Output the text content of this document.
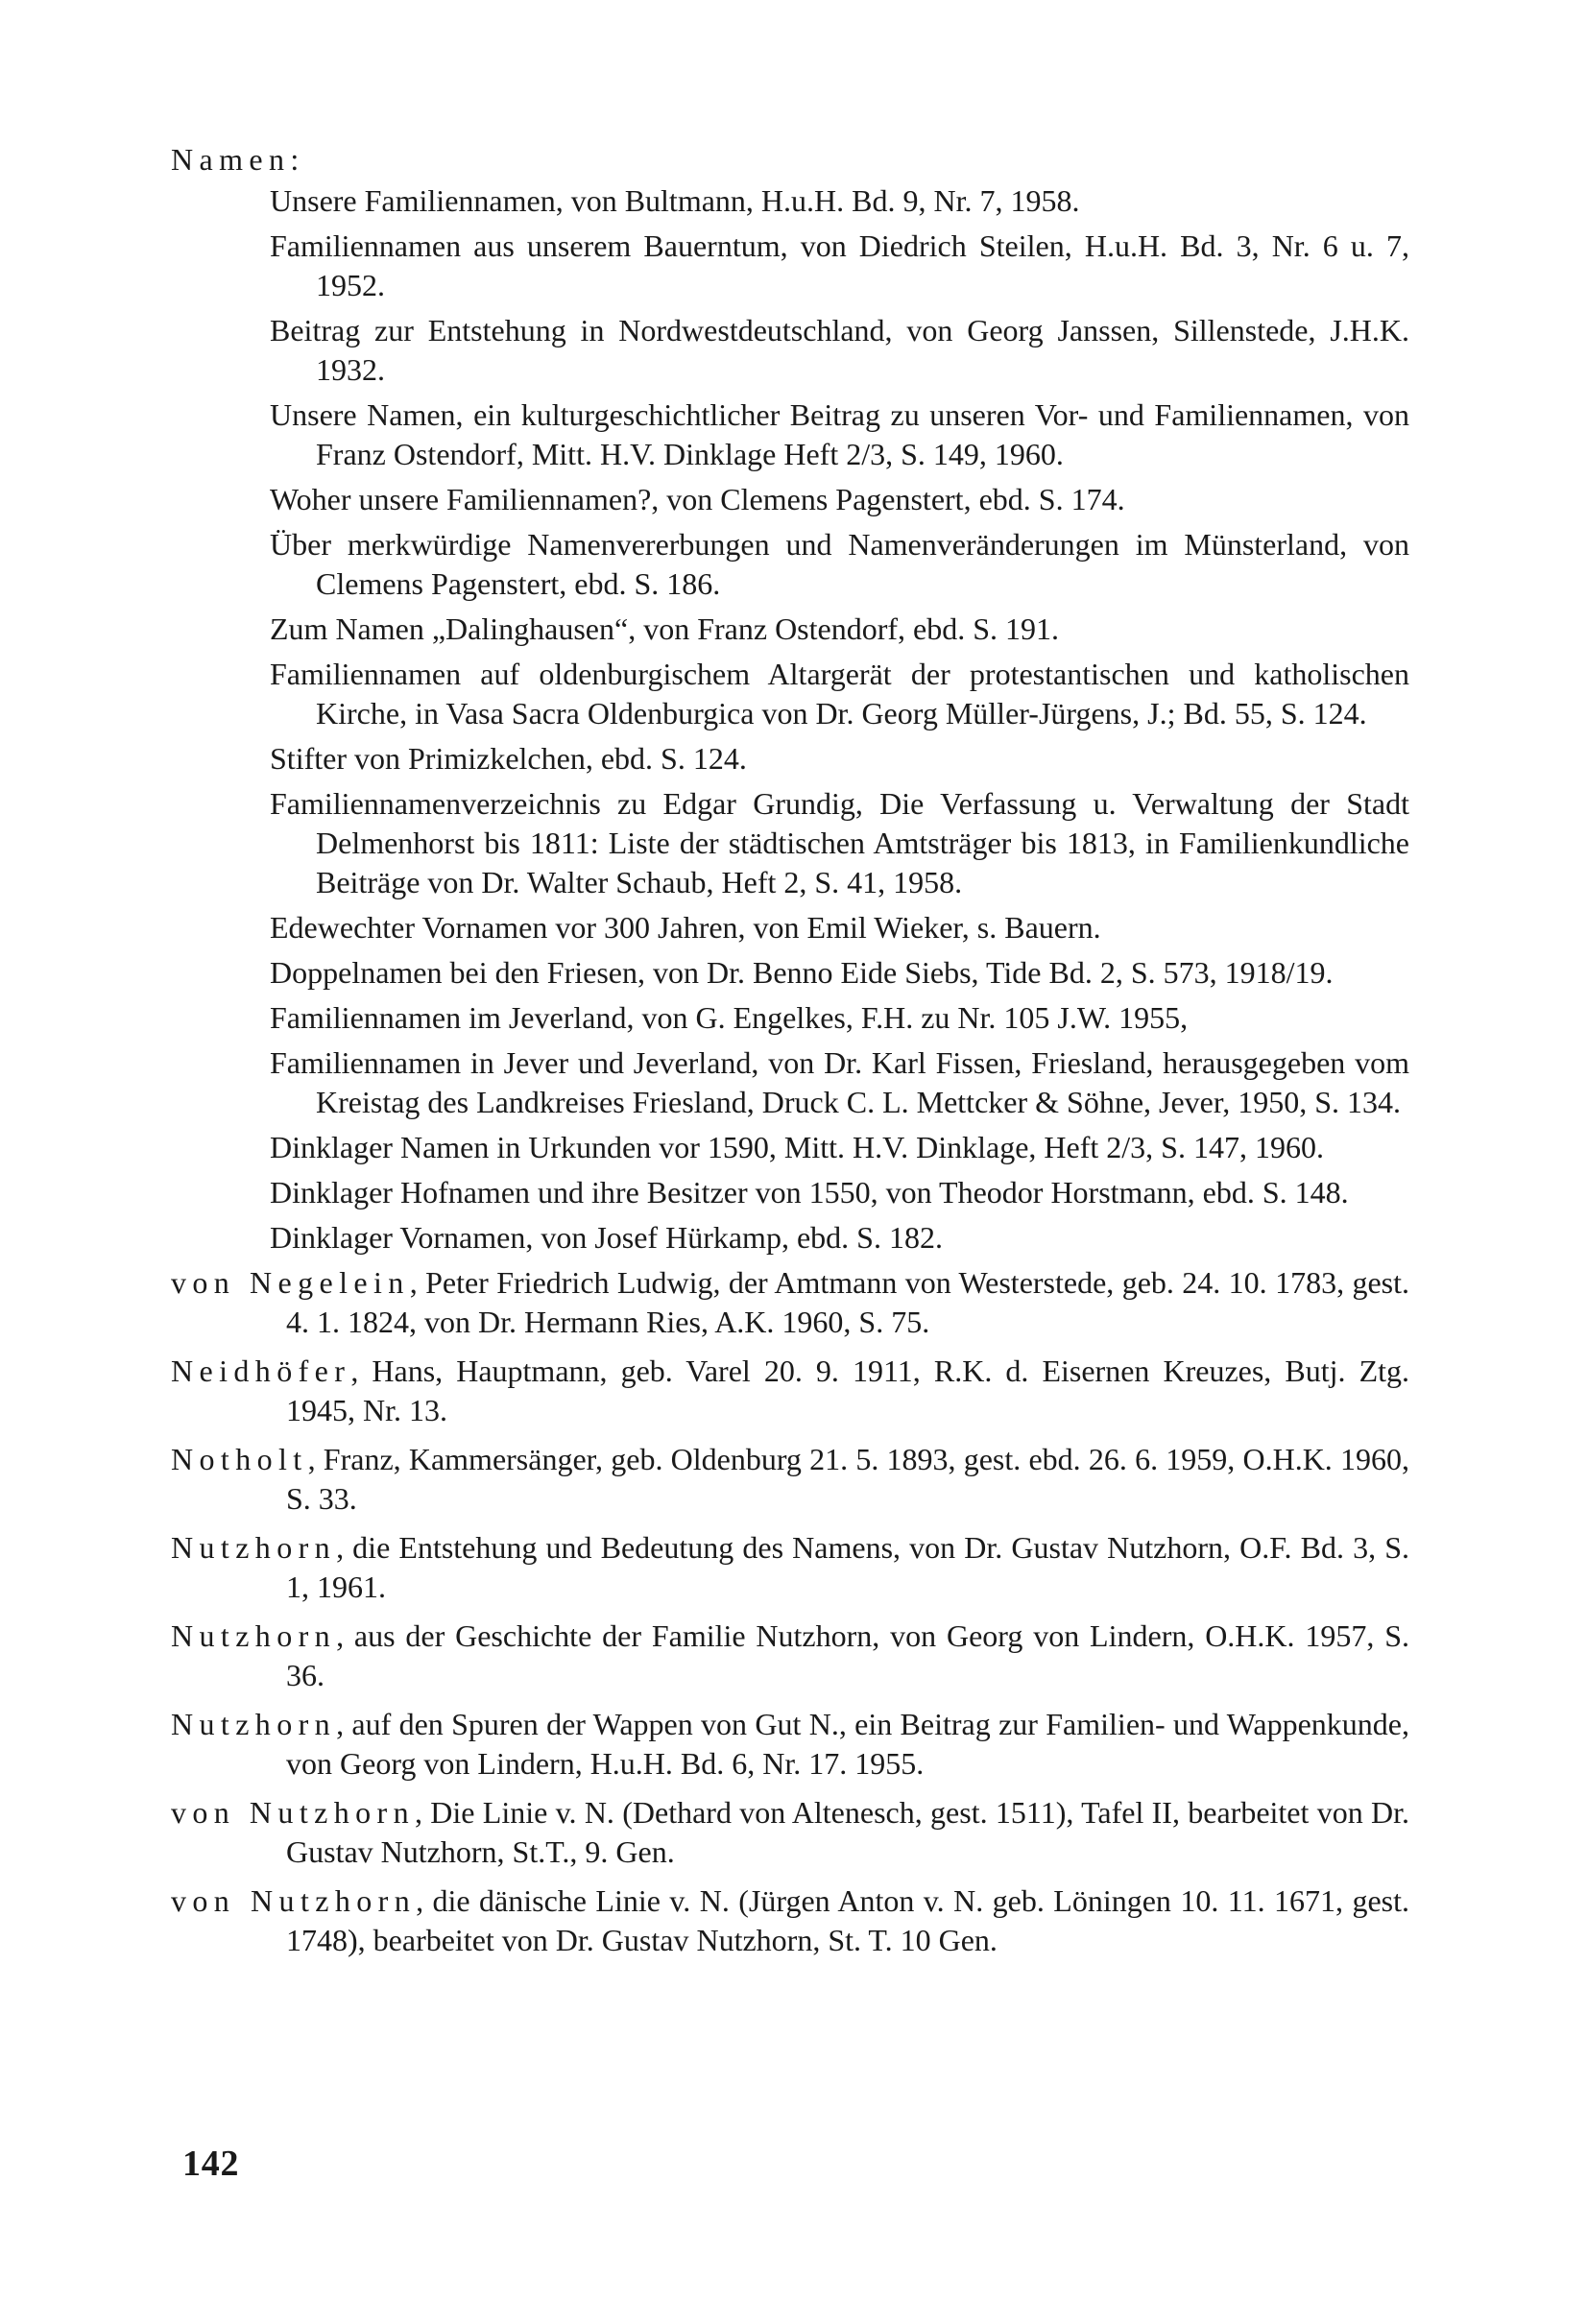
Namen:
Unsere Familiennamen, von Bultmann, H.u.H. Bd. 9, Nr. 7, 1958.
Familiennamen aus unserem Bauerntum, von Diedrich Steilen, H.u.H. Bd. 3, Nr. 6 u. 7, 1952.
Beitrag zur Entstehung in Nordwestdeutschland, von Georg Janssen, Sillenstede, J.H.K. 1932.
Unsere Namen, ein kulturgeschichtlicher Beitrag zu unseren Vor- und Familiennamen, von Franz Ostendorf, Mitt. H.V. Dinklage Heft 2/3, S. 149, 1960.
Woher unsere Familiennamen?, von Clemens Pagenstert, ebd. S. 174.
Über merkwürdige Namenvererbungen und Namenveränderungen im Münsterland, von Clemens Pagenstert, ebd. S. 186.
Zum Namen „Dalinghausen“, von Franz Ostendorf, ebd. S. 191.
Familiennamen auf oldenburgischem Altargerät der protestantischen und katholischen Kirche, in Vasa Sacra Oldenburgica von Dr. Georg Müller-Jürgens, J.; Bd. 55, S. 124.
Stifter von Primizkelchen, ebd. S. 124.
Familiennamenverzeichnis zu Edgar Grundig, Die Verfassung u. Verwaltung der Stadt Delmenhorst bis 1811: Liste der städtischen Amtsträger bis 1813, in Familienkundliche Beiträge von Dr. Walter Schaub, Heft 2, S. 41, 1958.
Edewechter Vornamen vor 300 Jahren, von Emil Wieker, s. Bauern.
Doppelnamen bei den Friesen, von Dr. Benno Eide Siebs, Tide Bd. 2, S. 573, 1918/19.
Familiennamen im Jeverland, von G. Engelkes, F.H. zu Nr. 105 J.W. 1955,
Familiennamen in Jever und Jeverland, von Dr. Karl Fissen, Friesland, herausgegeben vom Kreistag des Landkreises Friesland, Druck C. L. Mettcker & Söhne, Jever, 1950, S. 134.
Dinklager Namen in Urkunden vor 1590, Mitt. H.V. Dinklage, Heft 2/3, S. 147, 1960.
Dinklager Hofnamen und ihre Besitzer von 1550, von Theodor Horstmann, ebd. S. 148.
Dinklager Vornamen, von Josef Hürkamp, ebd. S. 182.
von Negelein, Peter Friedrich Ludwig, der Amtmann von Westerstede, geb. 24. 10. 1783, gest. 4. 1. 1824, von Dr. Hermann Ries, A.K. 1960, S. 75.
Neidhöfer, Hans, Hauptmann, geb. Varel 20. 9. 1911, R.K. d. Eisernen Kreuzes, Butj. Ztg. 1945, Nr. 13.
Notholt, Franz, Kammersänger, geb. Oldenburg 21. 5. 1893, gest. ebd. 26. 6. 1959, O.H.K. 1960, S. 33.
Nutzhorn, die Entstehung und Bedeutung des Namens, von Dr. Gustav Nutzhorn, O.F. Bd. 3, S. 1, 1961.
Nutzhorn, aus der Geschichte der Familie Nutzhorn, von Georg von Lindern, O.H.K. 1957, S. 36.
Nutzhorn, auf den Spuren der Wappen von Gut N., ein Beitrag zur Familien- und Wappenkunde, von Georg von Lindern, H.u.H. Bd. 6, Nr. 17. 1955.
von Nutzhorn, Die Linie v. N. (Dethard von Altenesch, gest. 1511), Tafel II, bearbeitet von Dr. Gustav Nutzhorn, St.T., 9. Gen.
von Nutzhorn, die dänische Linie v. N. (Jürgen Anton v. N. geb. Löningen 10. 11. 1671, gest. 1748), bearbeitet von Dr. Gustav Nutzhorn, St. T. 10 Gen.
142
